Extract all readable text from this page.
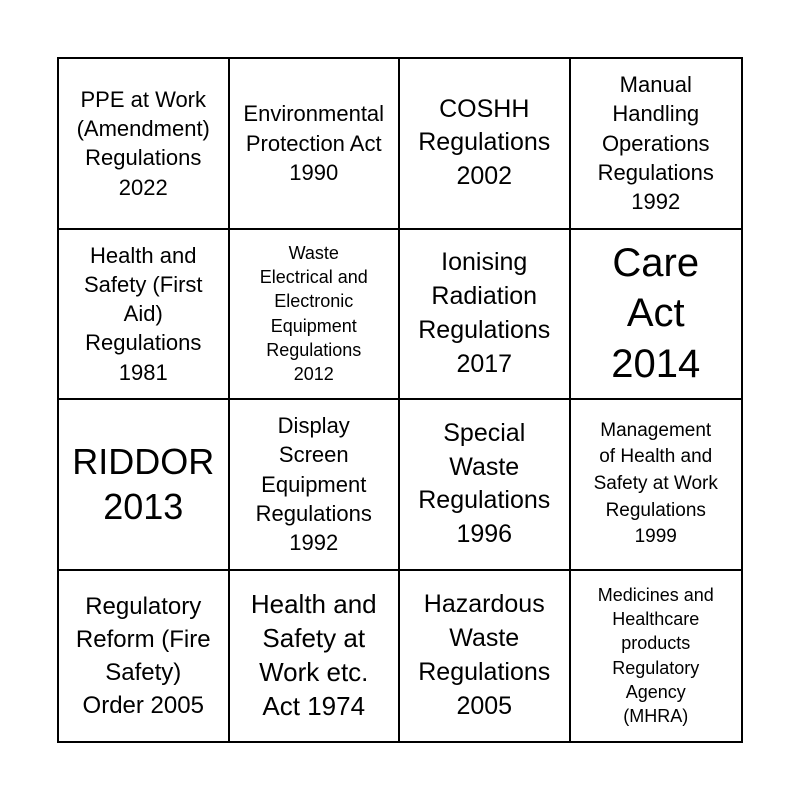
PPE at Work
(Amendment)
Regulations
2022
Environmental
Protection Act
1990
COSHH
Regulations
2002
Manual
Handling
Operations
Regulations
1992
Health and
Safety (First
Aid)
Regulations
1981
Waste
Electrical and
Electronic
Equipment
Regulations
2012
Ionising
Radiation
Regulations
2017
Care
Act
2014
RIDDOR
2013
Display
Screen
Equipment
Regulations
1992
Special
Waste
Regulations
1996
Management
of Health and
Safety at Work
Regulations
1999
Regulatory
Reform (Fire
Safety)
Order 2005
Health and
Safety at
Work etc.
Act 1974
Hazardous
Waste
Regulations
2005
Medicines and
Healthcare
products
Regulatory
Agency
(MHRA)
